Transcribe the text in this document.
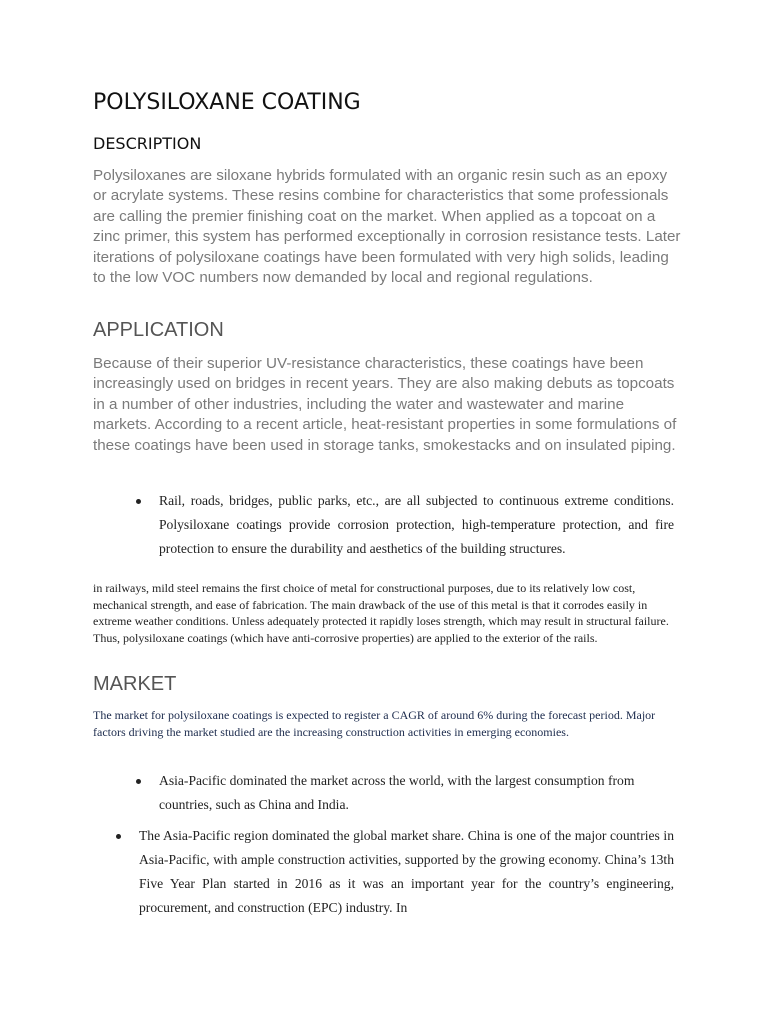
POLYSILOXANE COATING
DESCRIPTION

Polysiloxanes are siloxane hybrids formulated with an organic resin such as an epoxy or acrylate systems. These resins combine for characteristics that some professionals are calling the premier finishing coat on the market. When applied as a topcoat on a zinc primer, this system has performed exceptionally in corrosion resistance tests. Later iterations of polysiloxane coatings have been formulated with very high solids, leading to the low VOC numbers now demanded by local and regional regulations.

APPLICATION

Because of their superior UV-resistance characteristics, these coatings have been increasingly used on bridges in recent years. They are also making debuts as topcoats in a number of other industries, including the water and wastewater and marine markets. According to a recent article, heat-resistant properties in some formulations of these coatings have been used in storage tanks, smokestacks and on insulated piping.

Rail, roads, bridges, public parks, etc., are all subjected to continuous extreme conditions. Polysiloxane coatings provide corrosion protection, high-temperature protection, and fire protection to ensure the durability and aesthetics of the building structures.

in railways, mild steel remains the first choice of metal for constructional purposes, due to its relatively low cost, mechanical strength, and ease of fabrication. The main drawback of the use of this metal is that it corrodes easily in extreme weather conditions. Unless adequately protected it rapidly loses strength, which may result in structural failure. Thus, polysiloxane coatings (which have anti-corrosive properties) are applied to the exterior of the rails.

MARKET

The market for polysiloxane coatings is expected to register a CAGR of around 6% during the forecast period. Major factors driving the market studied are the increasing construction activities in emerging economies.

Asia-Pacific dominated the market across the world, with the largest consumption from countries, such as China and India.

The Asia-Pacific region dominated the global market share. China is one of the major countries in Asia-Pacific, with ample construction activities, supported by the growing economy. China’s 13th Five Year Plan started in 2016 as it was an important year for the country’s engineering, procurement, and construction (EPC) industry. In
